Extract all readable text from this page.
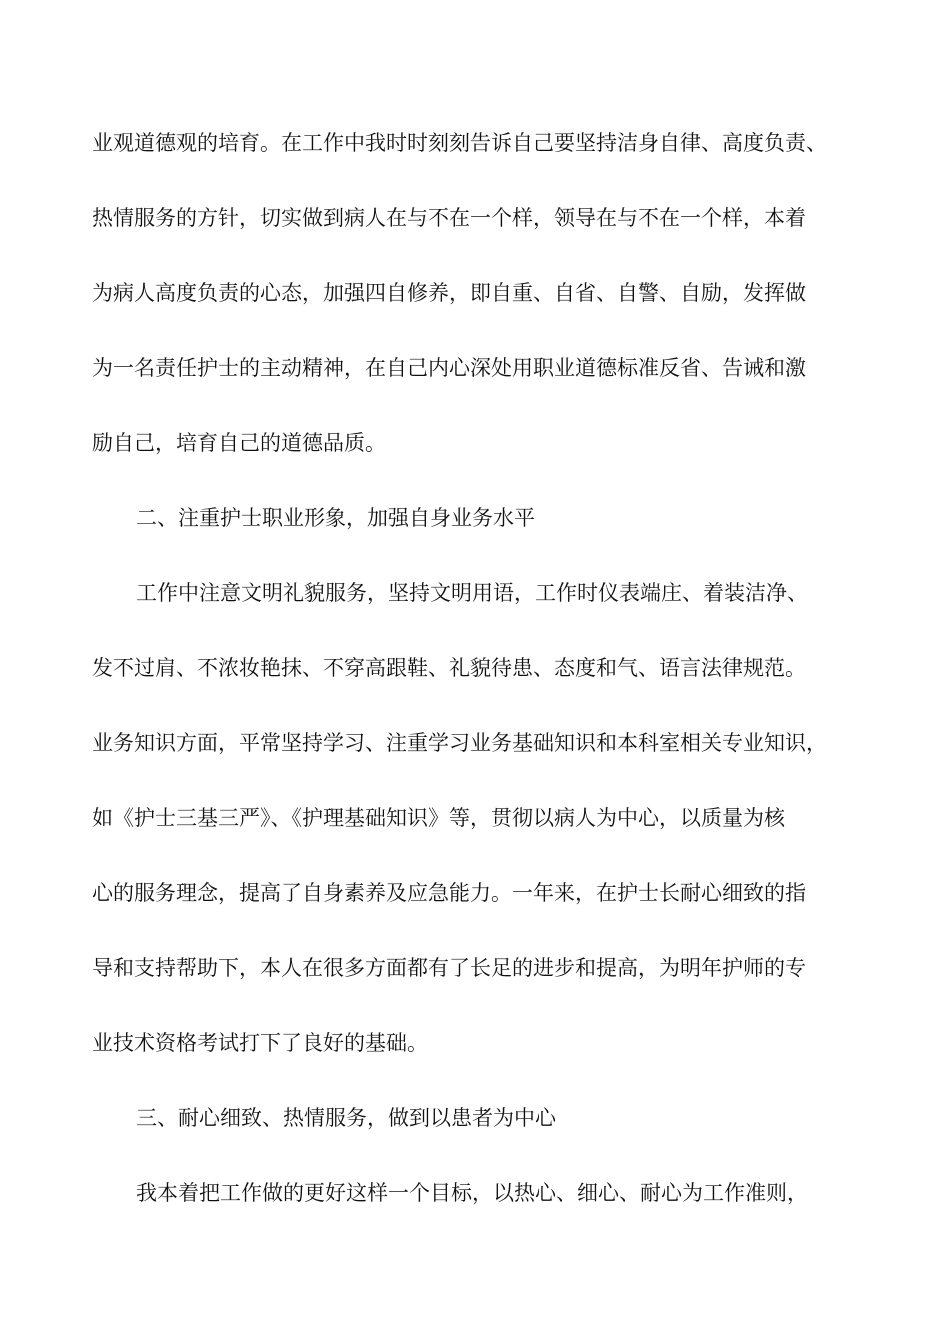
业观道德观的培育。在工作中我时时刻刻告诉自己要坚持洁身自律、高度负责、
热情服务的方针，切实做到病人在与不在一个样，领导在与不在一个样，本着
为病人高度负责的心态，加强四自修养，即自重、自省、自警、自励，发挥做
为一名责任护士的主动精神，在自己内心深处用职业道德标准反省、告诫和激
励自己，培育自己的道德品质。
二、注重护士职业形象，加强自身业务水平
工作中注意文明礼貌服务，坚持文明用语，工作时仪表端庄、着装洁净、
发不过肩、不浓妆艳抹、不穿高跟鞋、礼貌待患、态度和气、语言法律规范。
业务知识方面，平常坚持学习、注重学习业务基础知识和本科室相关专业知识，
如《护士三基三严》、《护理基础知识》等，贯彻以病人为中心，以质量为核
心的服务理念，提高了自身素养及应急能力。一年来，在护士长耐心细致的指
导和支持帮助下，本人在很多方面都有了长足的进步和提高，为明年护师的专
业技术资格考试打下了良好的基础。
三、耐心细致、热情服务，做到以患者为中心
我本着把工作做的更好这样一个目标，以热心、细心、耐心为工作准则，
